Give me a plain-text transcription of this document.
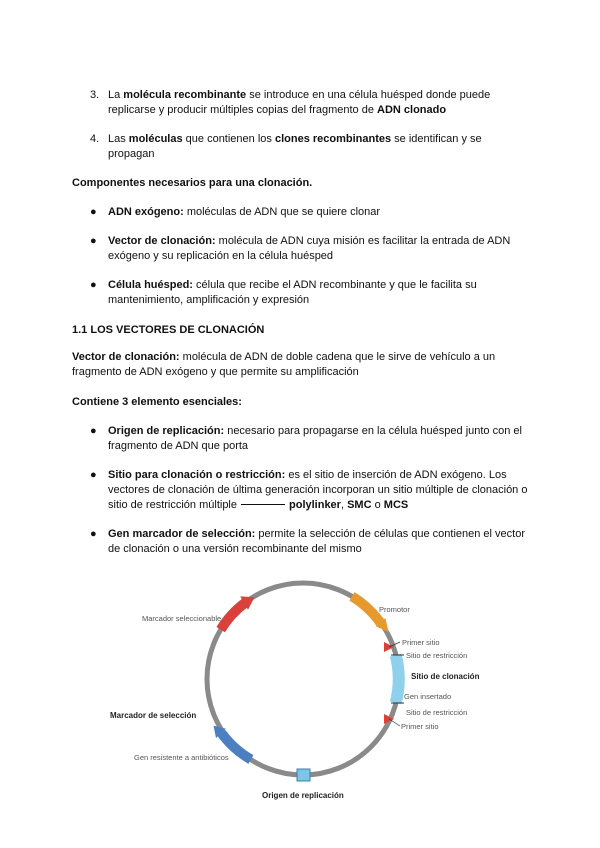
3. La molécula recombinante se introduce en una célula huésped donde puede replicarse y producir múltiples copias del fragmento de ADN clonado
4. Las moléculas que contienen los clones recombinantes se identifican y se propagan
Componentes necesarios para una clonación.
● ADN exógeno: moléculas de ADN que se quiere clonar
● Vector de clonación: molécula de ADN cuya misión es facilitar la entrada de ADN exógeno y su replicación en la célula huésped
● Célula huésped: célula que recibe el ADN recombinante y que le facilita su mantenimiento, amplificación y expresión
1.1 LOS VECTORES DE CLONACIÓN
Vector de clonación: molécula de ADN de doble cadena que le sirve de vehículo a un fragmento de ADN exógeno y que permite su amplificación
Contiene 3 elemento esenciales:
● Origen de replicación: necesario para propagarse en la célula huésped junto con el fragmento de ADN que porta
● Sitio para clonación o restricción: es el sitio de inserción de ADN exógeno. Los vectores de clonación de última generación incorporan un sitio múltiple de clonación o sitio de restricción múltiple	polylinker, SMC o MCS
● Gen marcador de selección: permite la selección de células que contienen el vector de clonación o una versión recombinante del mismo
Marcador seleccionable
Promotor
Primer sitio
Sitio de restricción
Sitio de clonación
Gen insertado
Sitio de restricción
Primer sitio
Marcador de selección
Gen resistente a antibióticos
Origen de replicación
